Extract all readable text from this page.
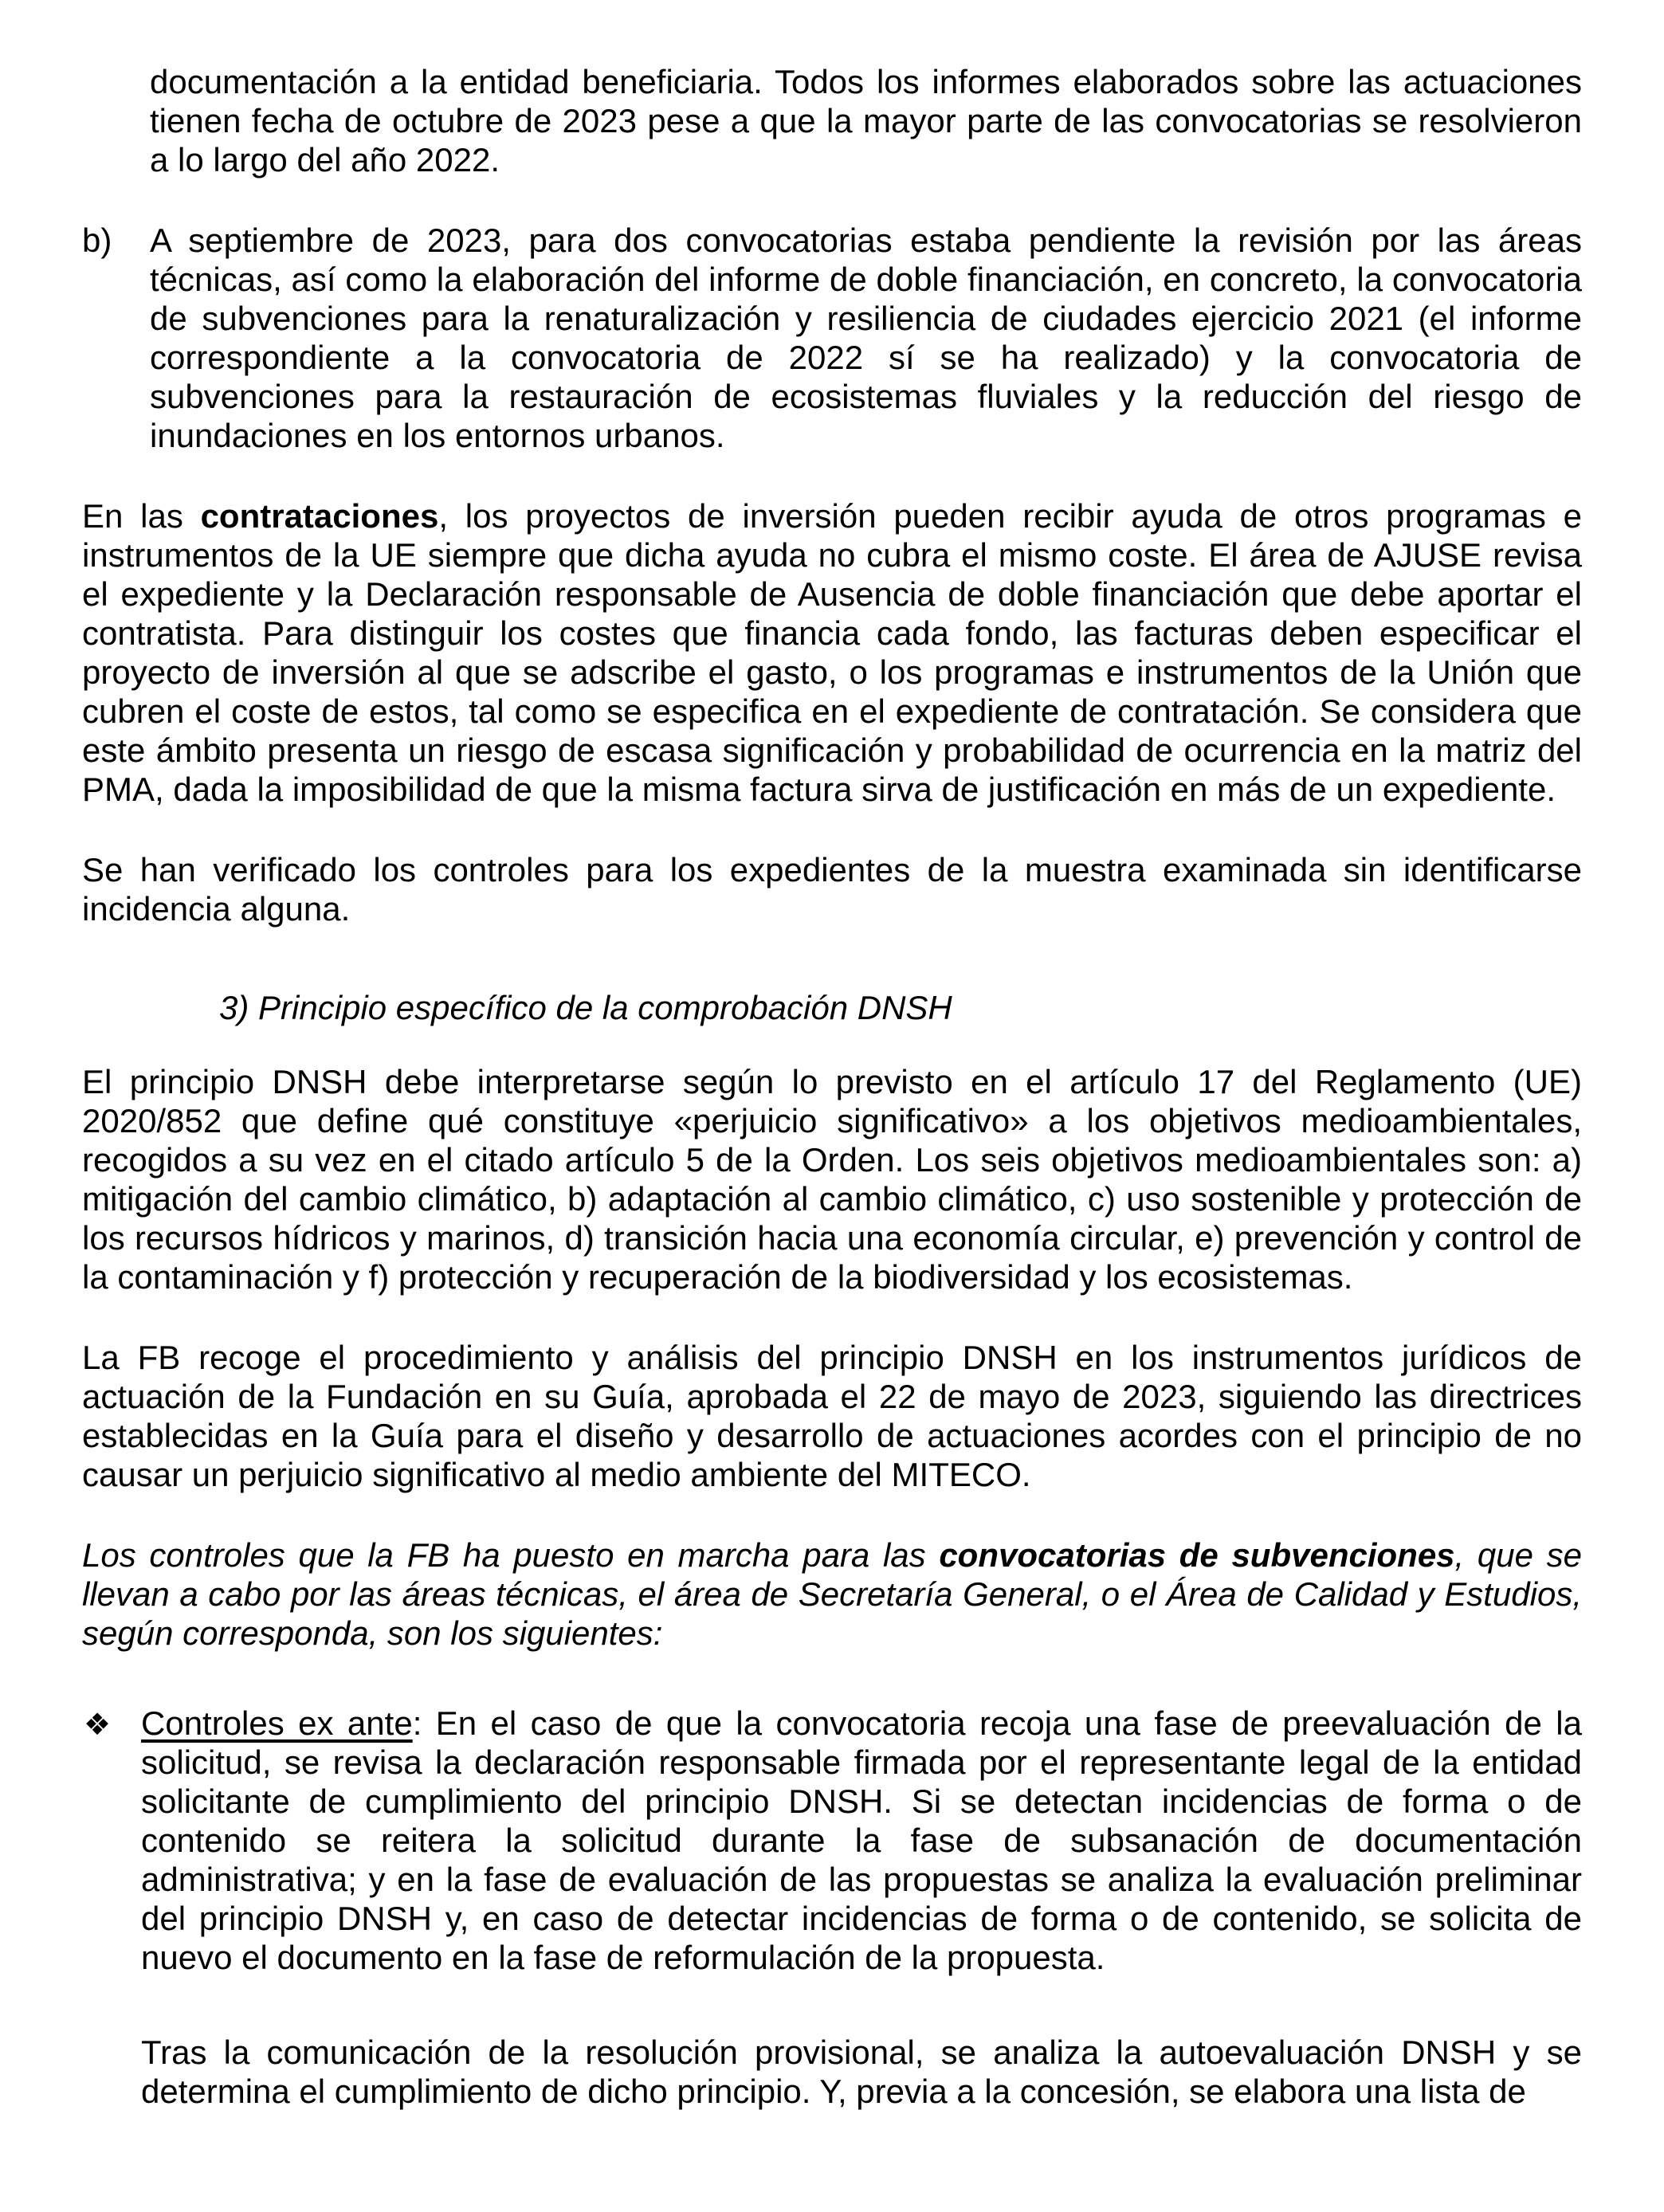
documentación a la entidad beneficiaria. Todos los informes elaborados sobre las actuaciones tienen fecha de octubre de 2023 pese a que la mayor parte de las convocatorias se resolvieron a lo largo del año 2022.

b) A septiembre de 2023, para dos convocatorias estaba pendiente la revisión por las áreas técnicas, así como la elaboración del informe de doble financiación, en concreto, la convocatoria de subvenciones para la renaturalización y resiliencia de ciudades ejercicio 2021 (el informe correspondiente a la convocatoria de 2022 sí se ha realizado) y la convocatoria de subvenciones para la restauración de ecosistemas fluviales y la reducción del riesgo de inundaciones en los entornos urbanos.

En las contrataciones, los proyectos de inversión pueden recibir ayuda de otros programas e instrumentos de la UE siempre que dicha ayuda no cubra el mismo coste. El área de AJUSE revisa el expediente y la Declaración responsable de Ausencia de doble financiación que debe aportar el contratista. Para distinguir los costes que financia cada fondo, las facturas deben especificar el proyecto de inversión al que se adscribe el gasto, o los programas e instrumentos de la Unión que cubren el coste de estos, tal como se especifica en el expediente de contratación. Se considera que este ámbito presenta un riesgo de escasa significación y probabilidad de ocurrencia en la matriz del PMA, dada la imposibilidad de que la misma factura sirva de justificación en más de un expediente.

Se han verificado los controles para los expedientes de la muestra examinada sin identificarse incidencia alguna.

3) Principio específico de la comprobación DNSH

El principio DNSH debe interpretarse según lo previsto en el artículo 17 del Reglamento (UE) 2020/852 que define qué constituye «perjuicio significativo» a los objetivos medioambientales, recogidos a su vez en el citado artículo 5 de la Orden. Los seis objetivos medioambientales son: a) mitigación del cambio climático, b) adaptación al cambio climático, c) uso sostenible y protección de los recursos hídricos y marinos, d) transición hacia una economía circular, e) prevención y control de la contaminación y f) protección y recuperación de la biodiversidad y los ecosistemas.

La FB recoge el procedimiento y análisis del principio DNSH en los instrumentos jurídicos de actuación de la Fundación en su Guía, aprobada el 22 de mayo de 2023, siguiendo las directrices establecidas en la Guía para el diseño y desarrollo de actuaciones acordes con el principio de no causar un perjuicio significativo al medio ambiente del MITECO.

Los controles que la FB ha puesto en marcha para las convocatorias de subvenciones, que se llevan a cabo por las áreas técnicas, el área de Secretaría General, o el Área de Calidad y Estudios, según corresponda, son los siguientes:

❖ Controles ex ante: En el caso de que la convocatoria recoja una fase de preevaluación de la solicitud, se revisa la declaración responsable firmada por el representante legal de la entidad solicitante de cumplimiento del principio DNSH. Si se detectan incidencias de forma o de contenido se reitera la solicitud durante la fase de subsanación de documentación administrativa; y en la fase de evaluación de las propuestas se analiza la evaluación preliminar del principio DNSH y, en caso de detectar incidencias de forma o de contenido, se solicita de nuevo el documento en la fase de reformulación de la propuesta.

Tras la comunicación de la resolución provisional, se analiza la autoevaluación DNSH y se determina el cumplimiento de dicho principio. Y, previa a la concesión, se elabora una lista de
